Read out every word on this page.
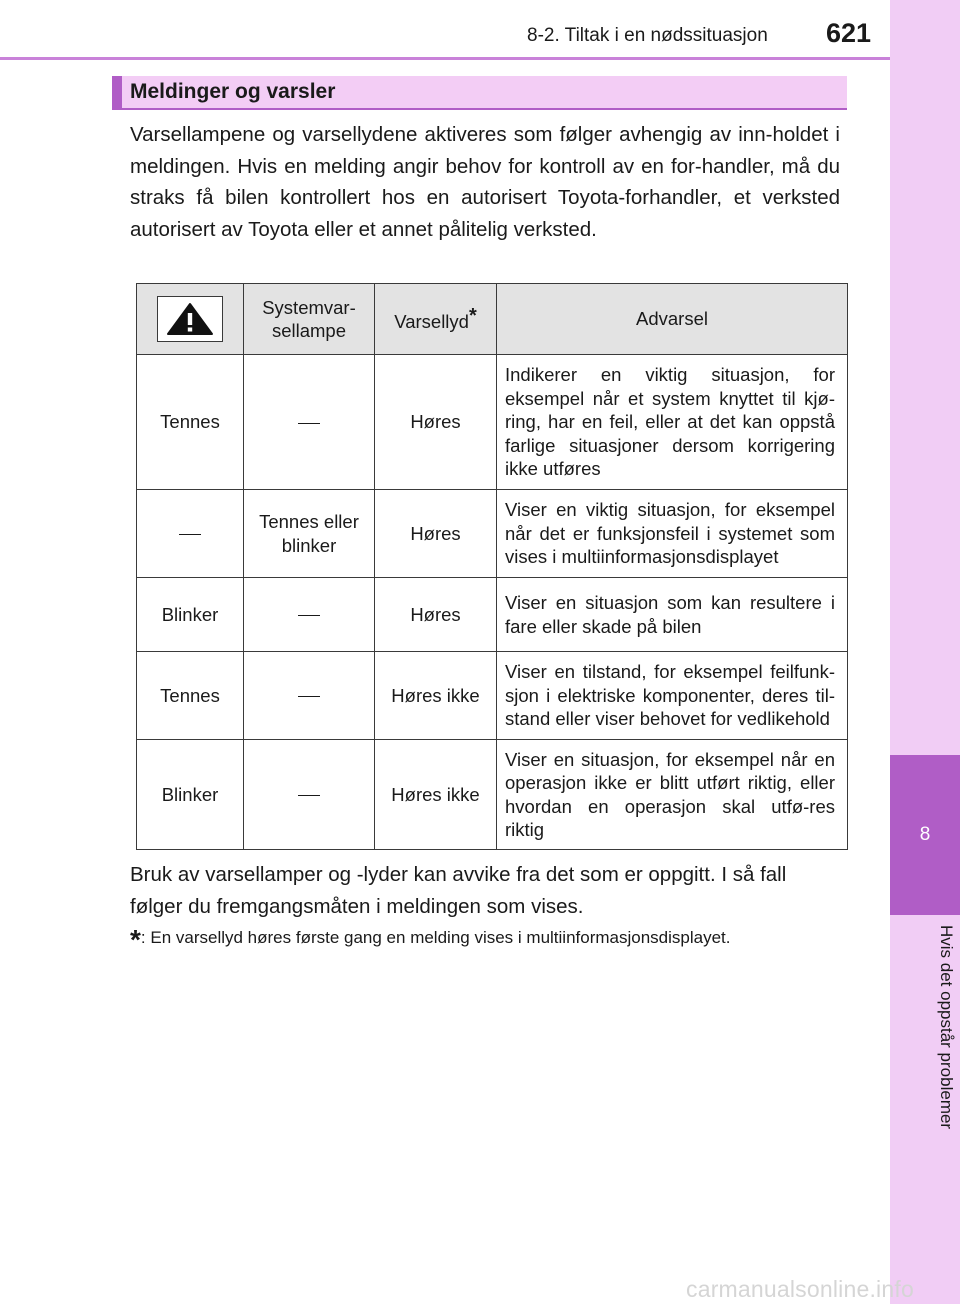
8
Hvis det oppstår problemer
8-2. Tiltak i en nødssituasjon 621
Meldinger og varsler
Varsellampene og varsellydene aktiveres som følger avhengig av inn-holdet i meldingen. Hvis en melding angir behov for kontroll av en for-handler, må du straks få bilen kontrollert hos en autorisert Toyota-forhandler, et verksted autorisert av Toyota eller et annet pålitelig verksted.
	Systemvar-sellampe	Varsellyd*	Advarsel
Tennes		Høres	Indikerer en viktig situasjon, for eksempel når et system knyttet til kjø-ring, har en feil, eller at det kan oppstå farlige situasjoner dersom korrigering ikke utføres
	Tennes eller blinker	Høres	Viser en viktig situasjon, for eksempel når det er funksjonsfeil i systemet som vises i multiinformasjonsdisplayet
Blinker		Høres	Viser en situasjon som kan resultere i fare eller skade på bilen
Tennes		Høres ikke	Viser en tilstand, for eksempel feilfunk-sjon i elektriske komponenter, deres til-stand eller viser behovet for vedlikehold
Blinker		Høres ikke	Viser en situasjon, for eksempel når en operasjon ikke er blitt utført riktig, eller hvordan en operasjon skal utfø-res riktig
Bruk av varsellamper og -lyder kan avvike fra det som er oppgitt. I så fall følger du fremgangsmåten i meldingen som vises.
*: En varsellyd høres første gang en melding vises i multiinformasjonsdisplayet.
carmanualsonline.info
